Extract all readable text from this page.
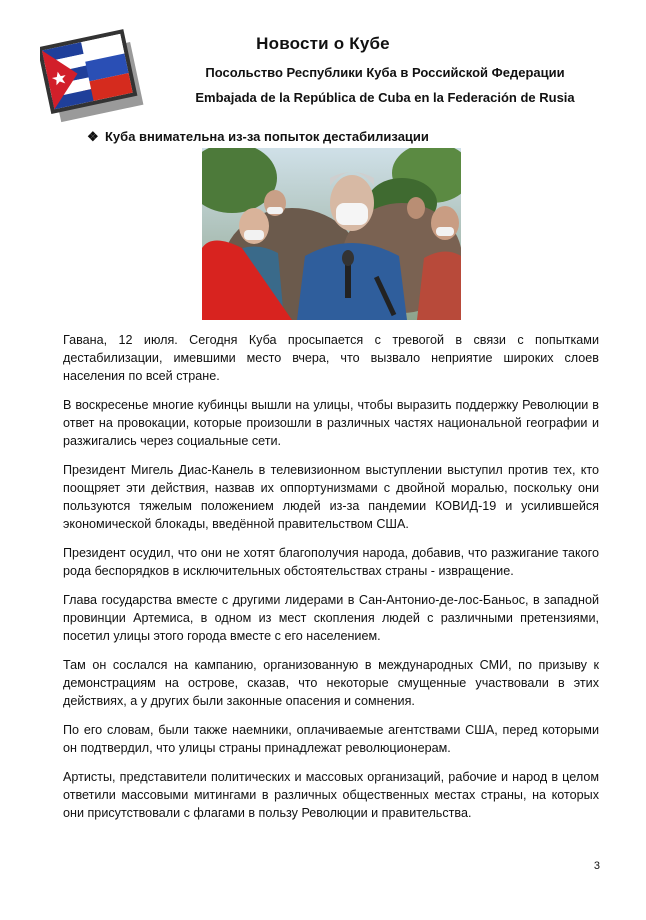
Новости о Кубе
Посольство Республики Куба в Российской Федерации
Embajada de la República de Cuba en la Federación de Rusia
❖ Куба внимательна из-за попыток дестабилизации

Гавана, 12 июля. Сегодня Куба просыпается с тревогой в связи с попытками дестабилизации, имевшими место вчера, что вызвало неприятие широких слоев населения по всей стране.

В воскресенье многие кубинцы вышли на улицы, чтобы выразить поддержку Революции в ответ на провокации, которые произошли в различных частях национальной географии и разжигались через социальные сети.

Президент Мигель Диас-Канель в телевизионном выступлении выступил против тех, кто поощряет эти действия, назвав их оппортунизмами с двойной моралью, поскольку они пользуются тяжелым положением людей из-за пандемии КОВИД-19 и усилившейся экономической блокады, введённой правительством США.

Президент осудил, что они не хотят благополучия народа, добавив, что разжигание такого рода беспорядков в исключительных обстоятельствах страны - извращение.

Глава государства вместе с другими лидерами в Сан-Антонио-де-лос-Баньос, в западной провинции Артемиса, в одном из мест скопления людей с различными претензиями, посетил улицы этого города вместе с его населением.

Там он сослался на кампанию, организованную в международных СМИ, по призыву к демонстрациям на острове, сказав, что некоторые смущенные участвовали в этих действиях, а у других были законные опасения и сомнения.

По его словам, были также наемники, оплачиваемые агентствами США, перед которыми он подтвердил, что улицы страны принадлежат революционерам.

Артисты, представители политических и массовых организаций, рабочие и народ в целом ответили массовыми митингами в различных общественных местах страны, на которых они присутствовали с флагами в пользу Революции и правительства.

3
